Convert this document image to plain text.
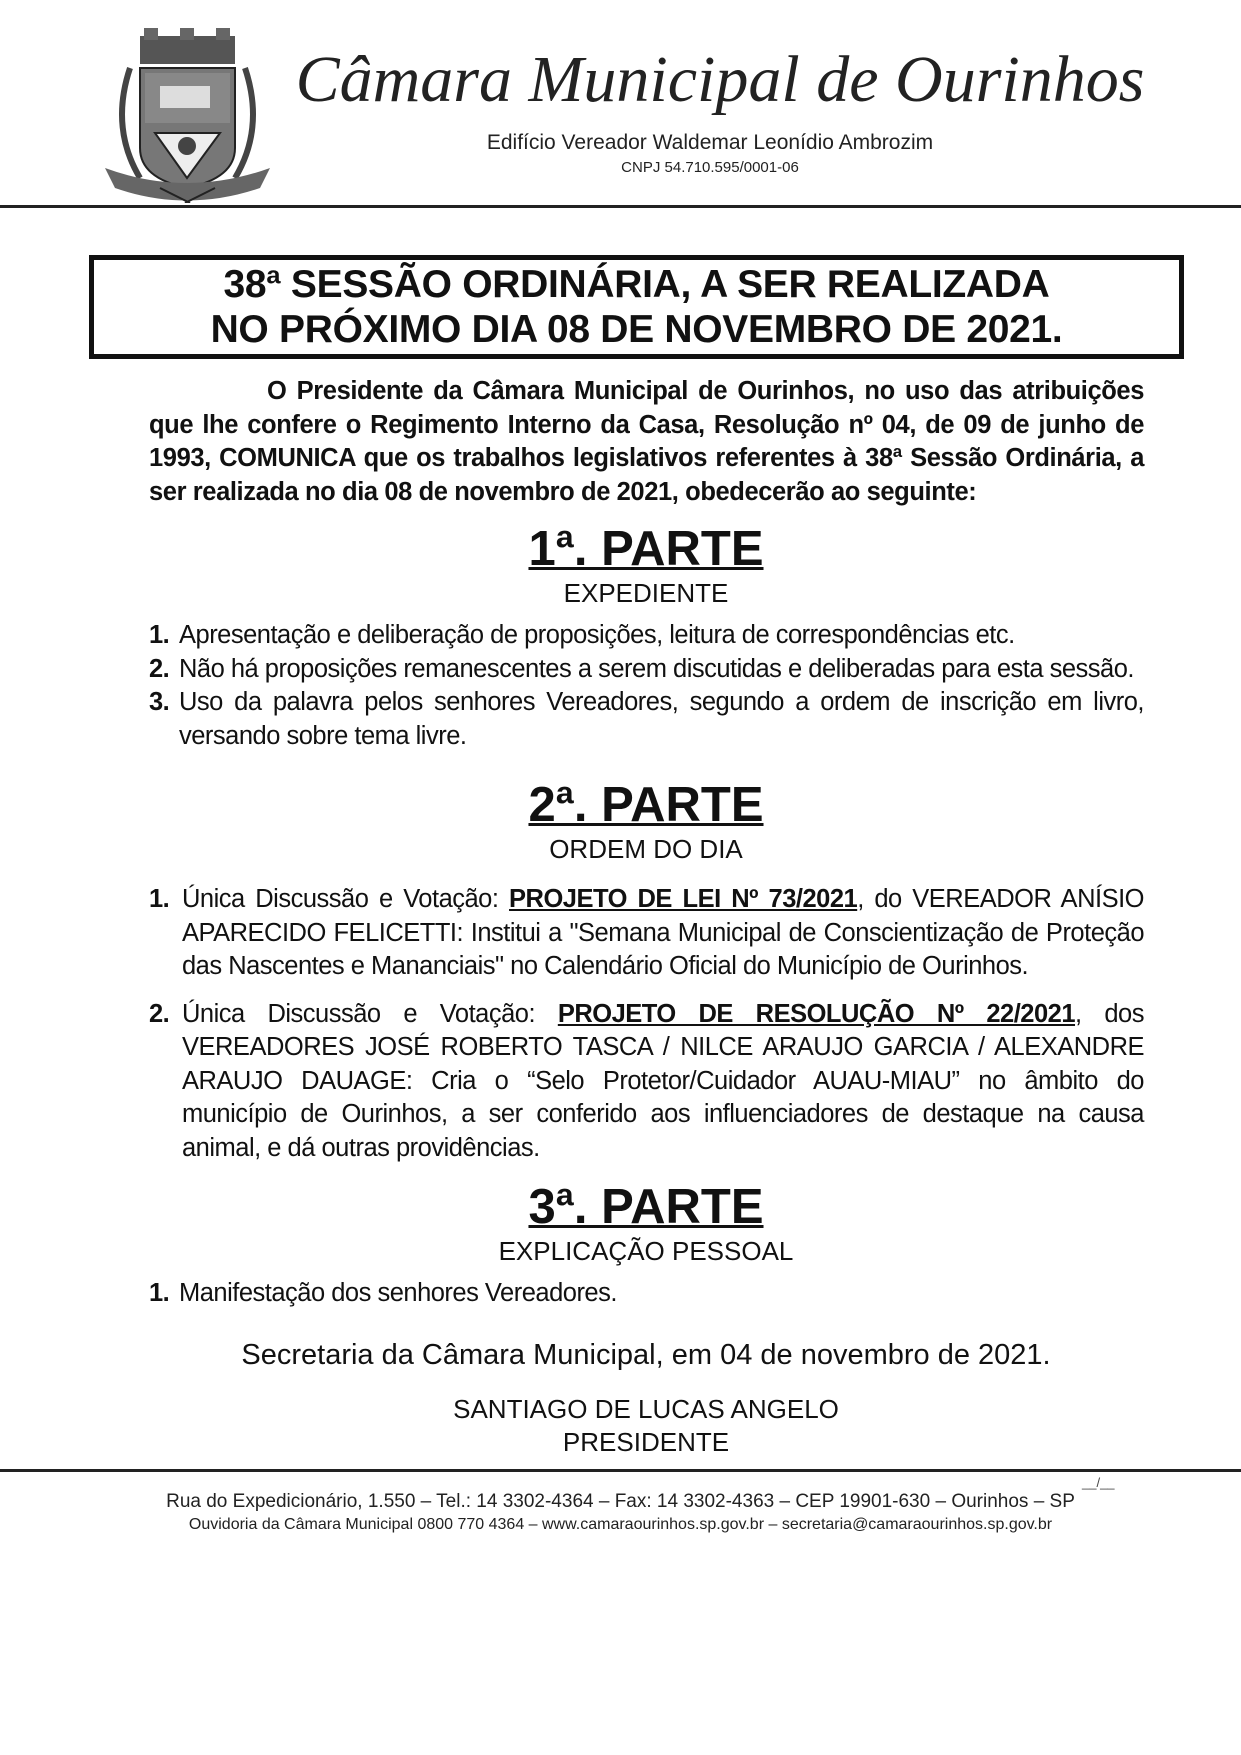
Câmara Municipal de Ourinhos
Edifício Vereador Waldemar Leonídio Ambrozim
CNPJ 54.710.595/0001-06
38ª SESSÃO ORDINÁRIA, A SER REALIZADA
NO PRÓXIMO DIA 08 DE NOVEMBRO DE 2021.
O Presidente da Câmara Municipal de Ourinhos, no uso das atribuições que lhe confere o Regimento Interno da Casa, Resolução nº 04, de 09 de junho de 1993, COMUNICA que os trabalhos legislativos referentes à 38ª Sessão Ordinária, a ser realizada no dia 08 de novembro de 2021, obedecerão ao seguinte:
1ª. PARTE
EXPEDIENTE
1. Apresentação e deliberação de proposições, leitura de correspondências etc.
2. Não há proposições remanescentes a serem discutidas e deliberadas para esta sessão.
3. Uso da palavra pelos senhores Vereadores, segundo a ordem de inscrição em livro, versando sobre tema livre.
2ª. PARTE
ORDEM DO DIA
1. Única Discussão e Votação: PROJETO DE LEI Nº 73/2021, do VEREADOR ANÍSIO APARECIDO FELICETTI: Institui a "Semana Municipal de Conscientização de Proteção das Nascentes e Mananciais" no Calendário Oficial do Município de Ourinhos.
2. Única Discussão e Votação: PROJETO DE RESOLUÇÃO Nº 22/2021, dos VEREADORES JOSÉ ROBERTO TASCA / NILCE ARAUJO GARCIA / ALEXANDRE ARAUJO DAUAGE: Cria o “Selo Protetor/Cuidador AUAU-MIAU” no âmbito do município de Ourinhos, a ser conferido aos influenciadores de destaque na causa animal, e dá outras providências.
3ª. PARTE
EXPLICAÇÃO PESSOAL
1. Manifestação dos senhores Vereadores.
Secretaria da Câmara Municipal, em 04 de novembro de 2021.
SANTIAGO DE LUCAS ANGELO
PRESIDENTE
__/__
Rua do Expedicionário, 1.550 – Tel.: 14 3302-4364 – Fax: 14 3302-4363 – CEP 19901-630 – Ourinhos – SP
Ouvidoria da Câmara Municipal 0800 770 4364 – www.camaraourinhos.sp.gov.br – secretaria@camaraourinhos.sp.gov.br
